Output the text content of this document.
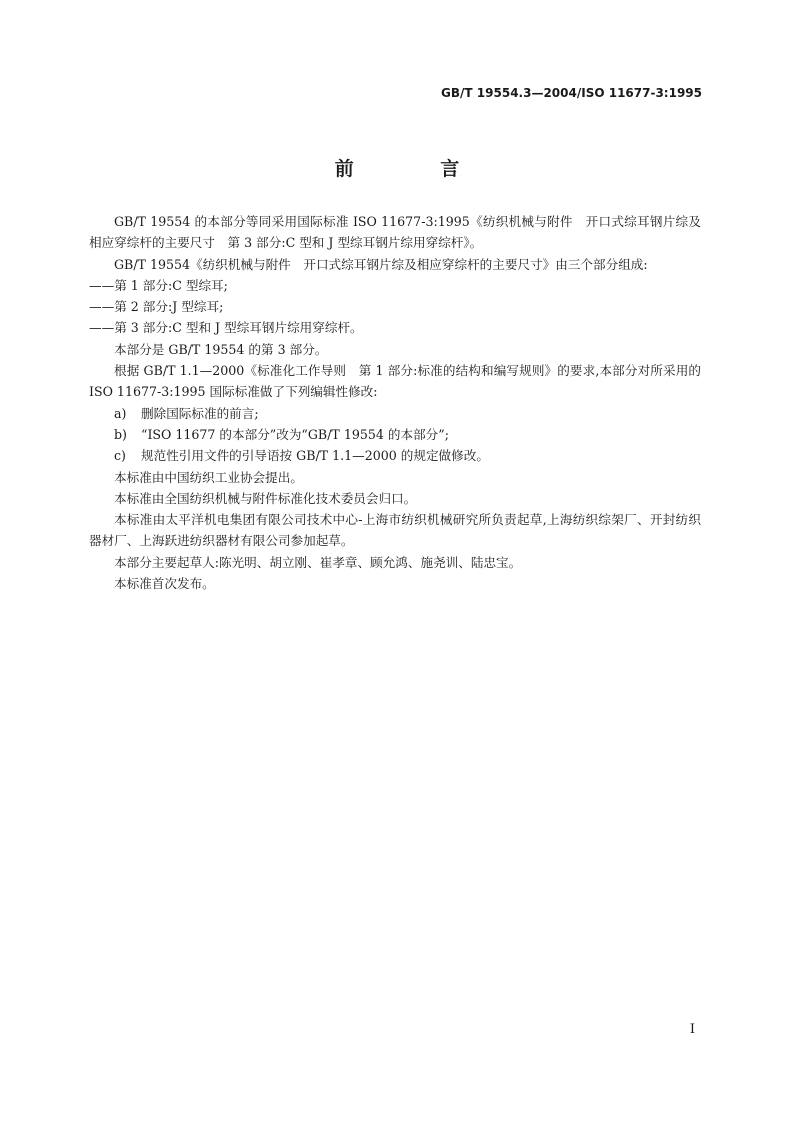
GB/T 19554.3—2004/ISO 11677-3:1995
前 言

GB/T 19554 的本部分等同采用国际标准 ISO 11677-3:1995《纺织机械与附件　开口式综耳钢片综及相应穿综杆的主要尺寸　第 3 部分:C 型和 J 型综耳钢片综用穿综杆》。

GB/T 19554《纺织机械与附件　开口式综耳钢片综及相应穿综杆的主要尺寸》由三个部分组成:

——第 1 部分:C 型综耳;

——第 2 部分:J 型综耳;

——第 3 部分:C 型和 J 型综耳钢片综用穿综杆。

本部分是 GB/T 19554 的第 3 部分。

根据 GB/T 1.1—2000《标准化工作导则　第 1 部分:标准的结构和编写规则》的要求,本部分对所采用的 ISO 11677-3:1995 国际标准做了下列编辑性修改:

a) 删除国际标准的前言;

b) “ISO 11677 的本部分”改为“GB/T 19554 的本部分”;

c) 规范性引用文件的引导语按 GB/T 1.1—2000 的规定做修改。

本标准由中国纺织工业协会提出。

本标准由全国纺织机械与附件标准化技术委员会归口。

本标准由太平洋机电集团有限公司技术中心-上海市纺织机械研究所负责起草,上海纺织综架厂、开封纺织器材厂、上海跃进纺织器材有限公司参加起草。

本部分主要起草人:陈光明、胡立刚、崔孝章、顾允鸿、施尧训、陆忠宝。

本标准首次发布。

I
